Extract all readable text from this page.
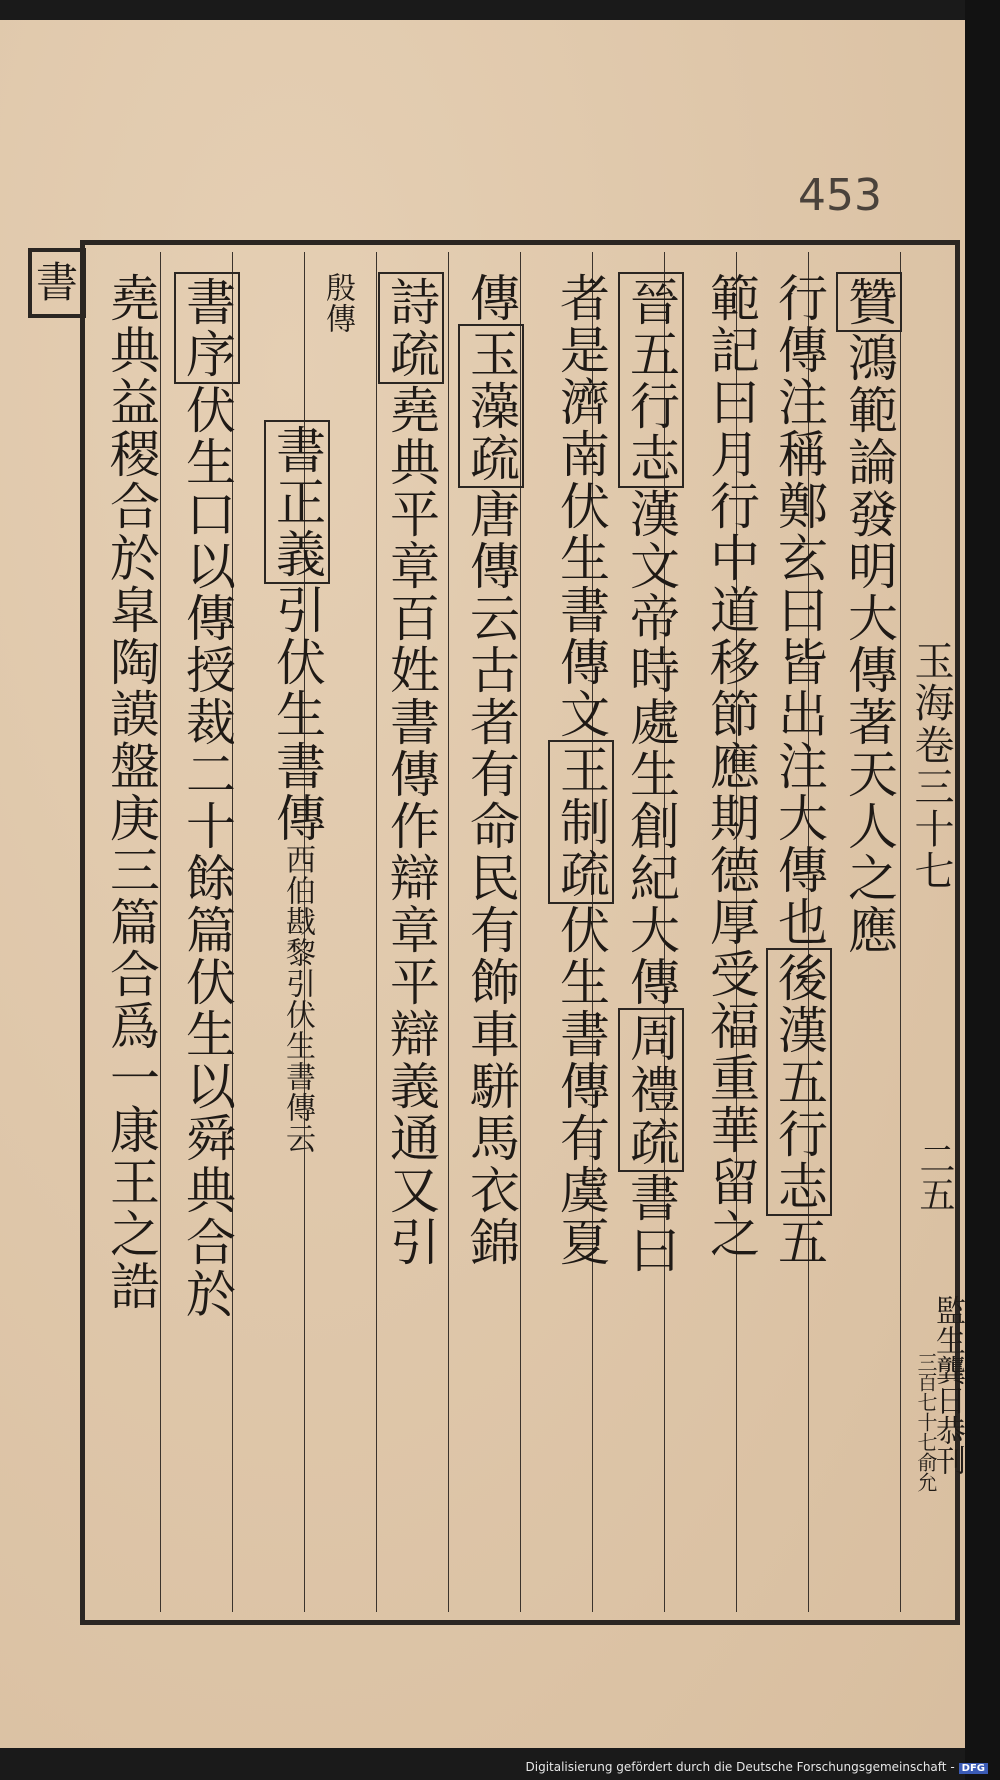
453
書	贊鴻範論發明大傳著天人之應
行傳注稱鄭玄曰皆出注大傳也後漢五行志五
範記曰月行中道移節應期德厚受福重華留之
晉五行志漢文帝時處生創紀大傳周禮疏書曰
者是濟南伏生書傳文王制疏伏生書傳有虞夏
傳玉藻疏唐傳云古者有命民有飾車駢馬衣錦
詩疏堯典平章百姓書傳作辯章平辯義通又引
殷傳
書正義引伏生書傳西伯戡黎引伏生書傳云
書序伏生口以傳授裁二十餘篇伏生以舜典合於
堯典益稷合於皐陶謨盤庚三篇合爲一康王之誥	玉海卷三十七
二五
監生龔日恭刊
三百七十七俞允
Digitalisierung gefördert durch die Deutsche Forschungsgemeinschaft - DFG
